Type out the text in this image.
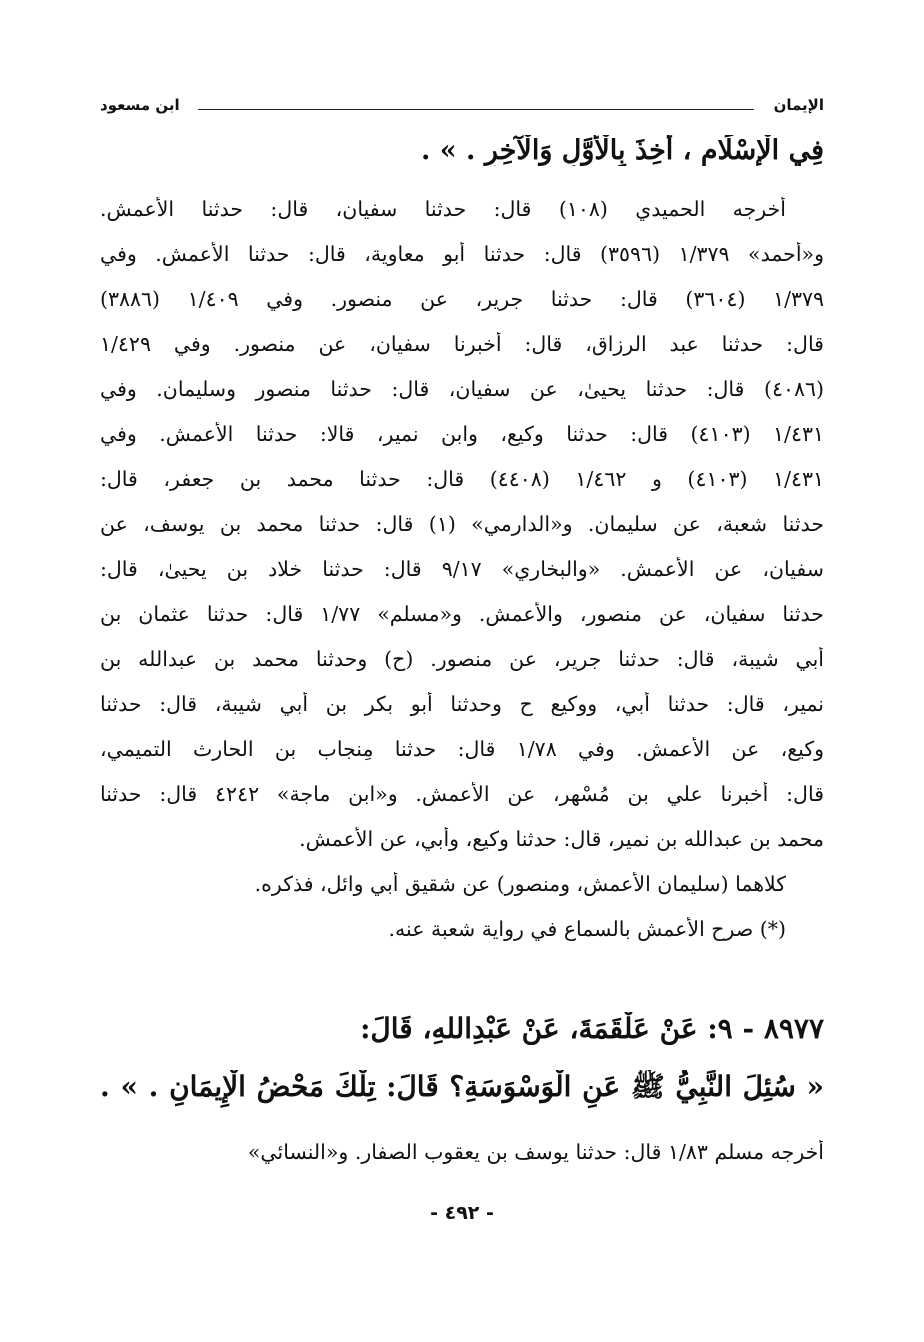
الإيمان
ابن مسعود
فِي الْإِسْلَامِ ، أُخِذَ بِالْأَوَّلِ وَالْآخِرِ . » .
أخرجه الحميدي (١٠٨) قال: حدثنا سفيان، قال: حدثنا الأعمش.
و«أحمد» ١/٣٧٩ (٣٥٩٦) قال: حدثنا أبو معاوية، قال: حدثنا الأعمش. وفي
١/٣٧٩ (٣٦٠٤) قال: حدثنا جرير، عن منصور. وفي ١/٤٠٩ (٣٨٨٦)
قال: حدثنا عبد الرزاق، قال: أخبرنا سفيان، عن منصور. وفي ١/٤٢٩
(٤٠٨٦) قال: حدثنا يحيىٰ، عن سفيان، قال: حدثنا منصور وسليمان. وفي
١/٤٣١ (٤١٠٣) قال: حدثنا وكيع، وابن نمير، قالا: حدثنا الأعمش. وفي
١/٤٣١ (٤١٠٣) و ١/٤٦٢ (٤٤٠٨) قال: حدثنا محمد بن جعفر، قال:
حدثنا شعبة، عن سليمان. و«الدارمي» (١) قال: حدثنا محمد بن يوسف، عن
سفيان، عن الأعمش. «والبخاري» ٩/١٧ قال: حدثنا خلاد بن يحيىٰ، قال:
حدثنا سفيان، عن منصور، والأعمش. و«مسلم» ١/٧٧ قال: حدثنا عثمان بن
أبي شيبة، قال: حدثنا جرير، عن منصور. (ح) وحدثنا محمد بن عبدالله بن
نمير، قال: حدثنا أبي، ووكيع ح وحدثنا أبو بكر بن أبي شيبة، قال: حدثنا
وكيع، عن الأعمش. وفي ١/٧٨ قال: حدثنا مِنجاب بن الحارث التميمي،
قال: أخبرنا علي بن مُسْهِر، عن الأعمش. و«ابن ماجة» ٤٢٤٢ قال: حدثنا
محمد بن عبدالله بن نمير، قال: حدثنا وكيع، وأبي، عن الأعمش.
كلاهما (سليمان الأعمش، ومنصور) عن شقيق أبي وائل، فذكره.
(*) صرح الأعمش بالسماع في رواية شعبة عنه.
٨٩٧٧ - ٩: عَنْ عَلْقَمَةَ، عَنْ عَبْدِاللهِ، قَالَ:
« سُئِلَ النَّبِيُّ ﷺ عَنِ الْوَسْوَسَةِ؟ قَالَ: تِلْكَ مَحْضُ الْإِيمَانِ . » .
أخرجه مسلم ١/٨٣ قال: حدثنا يوسف بن يعقوب الصفار. و«النسائي»
- ٤٩٢ -
